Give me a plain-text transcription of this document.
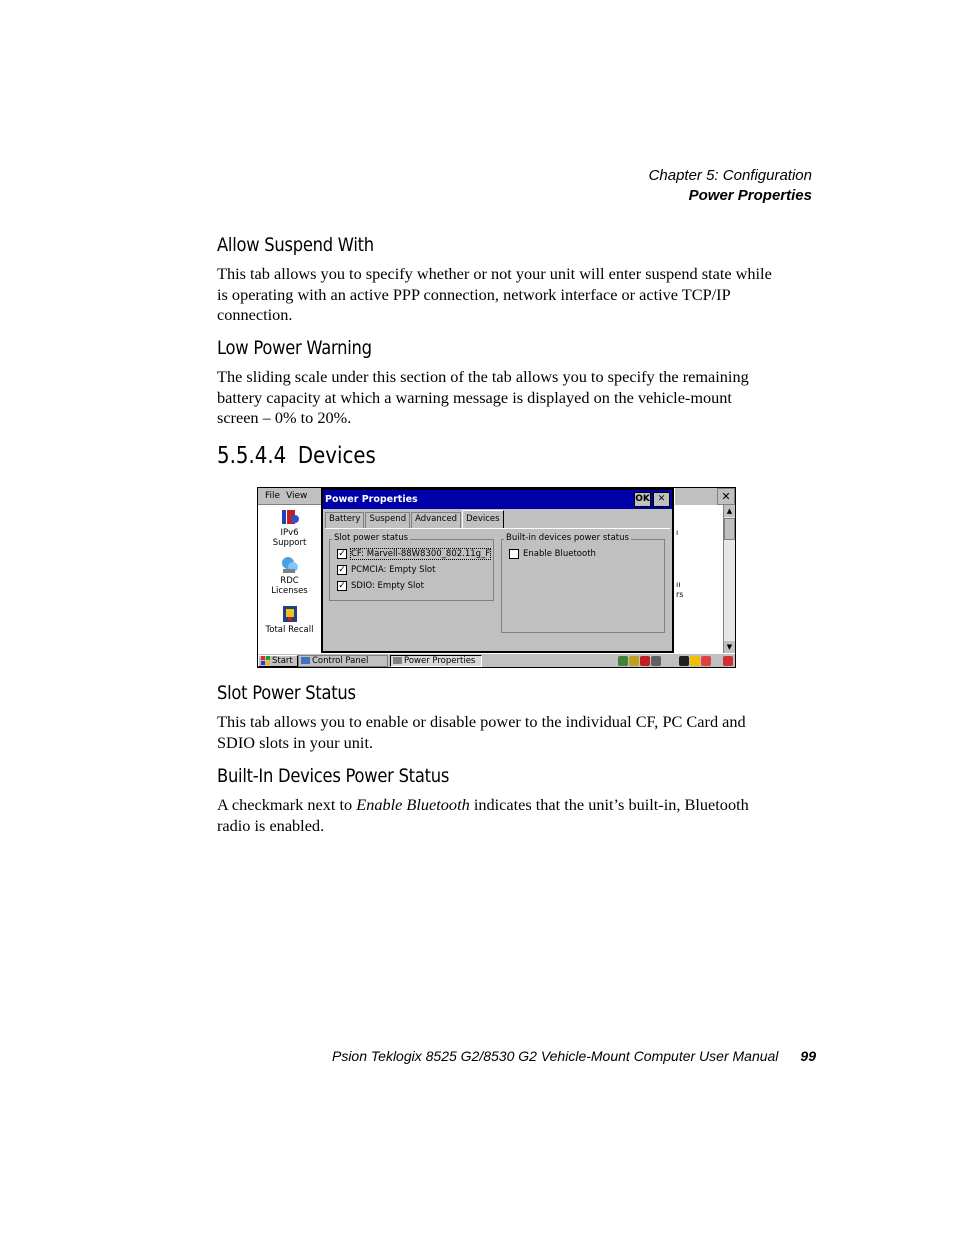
Chapter 5: Configuration
Power Properties
Allow Suspend With

This tab allows you to specify whether or not your unit will enter suspend state while is operating with an active PPP connection, network interface or active TCP/IP connection.

Low Power Warning

The sliding scale under this section of the tab allows you to specify the remaining battery capacity at which a warning message is displayed on the vehicle-mount screen – 0% to 20%.

5.5.4.4 Devices
File View	✕
IPv6
Support
RDC
Licenses
Total Recall
ı
ıı
rs
▲
▼
Power Properties	OK ✕
Battery	Suspend	Advanced	Devices
Slot power status
✓ CF: Marvell-88W8300_802.11g_F
✓ PCMCIA: Empty Slot
✓ SDIO: Empty Slot
Built-in devices power status
Enable Bluetooth
Start Control Panel	Power Properties
Slot Power Status

This tab allows you to enable or disable power to the individual CF, PC Card and SDIO slots in your unit.

Built-In Devices Power Status

A checkmark next to Enable Bluetooth indicates that the unit’s built-in, Bluetooth radio is enabled.

Psion Teklogix 8525 G2/8530 G2 Vehicle-Mount Computer User Manual 99
